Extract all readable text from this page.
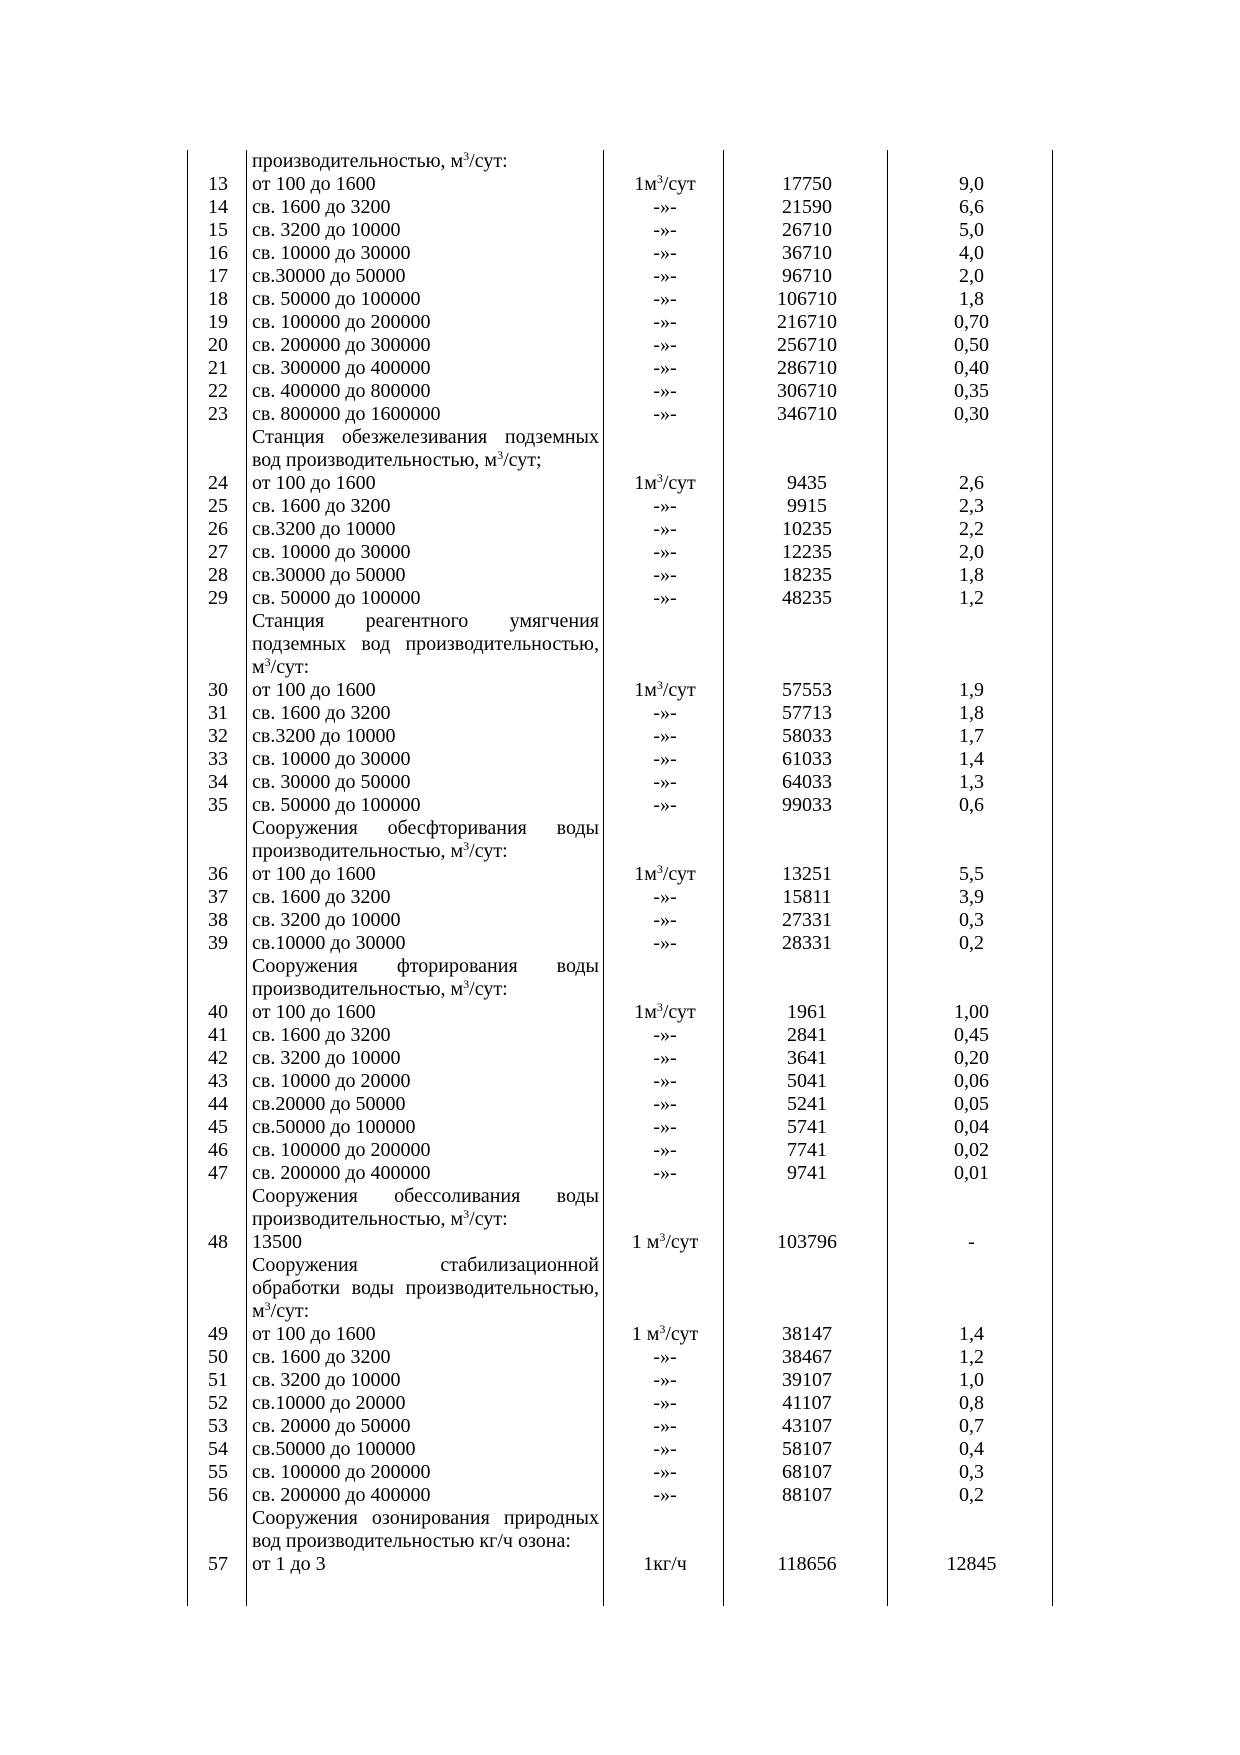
	производительностью, $м^3$/сут:			
13	от 100 до 1600	$1м^3$/сут	17750	9,0
14	св. 1600 до 3200	-»-	21590	6,6
15	св. 3200 до 10000	-»-	26710	5,0
16	св. 10000 до 30000	-»-	36710	4,0
17	св.30000 до 50000	-»-	96710	2,0
18	св. 50000 до 100000	-»-	106710	1,8
19	св. 100000 до 200000	-»-	216710	0,70
20	св. 200000 до 300000	-»-	256710	0,50
21	св. 300000 до 400000	-»-	286710	0,40
22	св. 400000 до 800000	-»-	306710	0,35
23	св. 800000 до 1600000	-»-	346710	0,30
	Станция обезжелезивания подземных вод производительностью, $м^3$/сут;			
24	от 100 до 1600	$1м^3$/сут	9435	2,6
25	св. 1600 до 3200	-»-	9915	2,3
26	св.3200 до 10000	-»-	10235	2,2
27	св. 10000 до 30000	-»-	12235	2,0
28	св.30000 до 50000	-»-	18235	1,8
29	св. 50000 до 100000	-»-	48235	1,2
	Станция реагентного умягчения подземных вод производительностью, $м^3$/сут:			
30	от 100 до 1600	$1м^3$/сут	57553	1,9
31	св. 1600 до 3200	-»-	57713	1,8
32	св.3200 до 10000	-»-	58033	1,7
33	св. 10000 до 30000	-»-	61033	1,4
34	св. 30000 до 50000	-»-	64033	1,3
35	св. 50000 до 100000	-»-	99033	0,6
	Сооружения обесфторивания воды производительностью, $м^3$/сут:			
36	от 100 до 1600	$1м^3$/сут	13251	5,5
37	св. 1600 до 3200	-»-	15811	3,9
38	св. 3200 до 10000	-»-	27331	0,3
39	св.10000 до 30000	-»-	28331	0,2
	Сооружения фторирования воды производительностью, $м^3$/сут:			
40	от 100 до 1600	$1м^3$/сут	1961	1,00
41	св. 1600 до 3200	-»-	2841	0,45
42	св. 3200 до 10000	-»-	3641	0,20
43	св. 10000 до 20000	-»-	5041	0,06
44	св.20000 до 50000	-»-	5241	0,05
45	св.50000 до 100000	-»-	5741	0,04
46	св. 100000 до 200000	-»-	7741	0,02
47	св. 200000 до 400000	-»-	9741	0,01
	Сооружения обессоливания воды производительностью, $м^3$/сут:			
48	13500	1 $м^3$/сут	103796	-
	Сооружения стабилизационной обработки воды производительностью, $м^3$/сут:			
49	от 100 до 1600	1 $м^3$/сут	38147	1,4
50	св. 1600 до 3200	-»-	38467	1,2
51	св. 3200 до 10000	-»-	39107	1,0
52	св.10000 до 20000	-»-	41107	0,8
53	св. 20000 до 50000	-»-	43107	0,7
54	св.50000 до 100000	-»-	58107	0,4
55	св. 100000 до 200000	-»-	68107	0,3
56	св. 200000 до 400000	-»-	88107	0,2
	Сооружения озонирования природных вод производительностью кг/ч озона:			
57	от 1 до 3	1кг/ч	118656	12845
